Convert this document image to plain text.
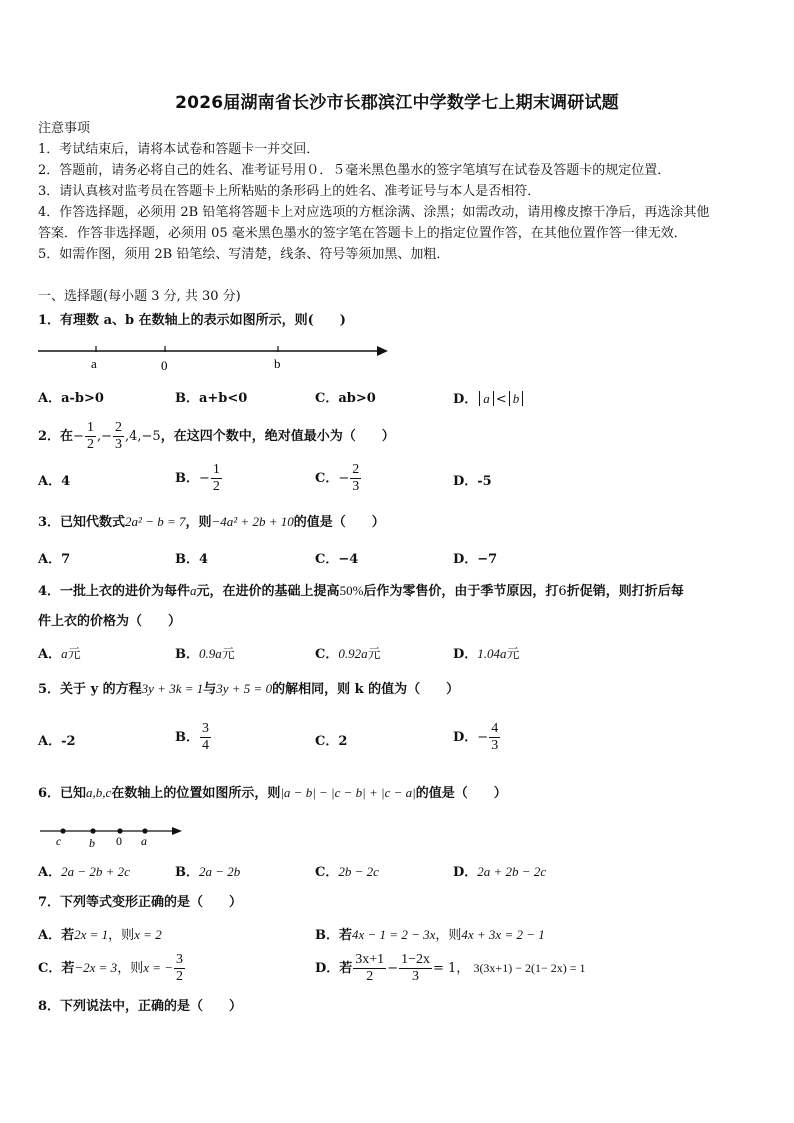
2026届湖南省长沙市长郡滨江中学数学七上期末调研试题
注意事项
1．考试结束后，请将本试卷和答题卡一并交回．
2．答题前，请务必将自己的姓名、准考证号用０．５毫米黑色墨水的签字笔填写在试卷及答题卡的规定位置．
3．请认真核对监考员在答题卡上所粘贴的条形码上的姓名、准考证号与本人是否相符．
4．作答选择题，必须用 2B 铅笔将答题卡上对应选项的方框涂满、涂黑；如需改动，请用橡皮擦干净后，再选涂其他
答案．作答非选择题，必须用 05 毫米黑色墨水的签字笔在答题卡上的指定位置作答，在其他位置作答一律无效．
5．如需作图，须用 2B 铅笔绘、写清楚，线条、符号等须加黑、加粗．
一、选择题(每小题 3 分, 共 30 分)
1．有理数 a、b 在数轴上的表示如图所示，则(　　)
a	0	b
A．a-b>0	B．a+b<0	C．ab>0	D． a < b
2．在− $\frac{1}{2}$ ,− $\frac{2}{3} ,4,-5$，在这四个数中，绝对值最小为（　　）
A．4	B．− $\frac{1}{2}$	C．− $\frac{2}{3}$	D．-5
3．已知代数式2a² − b = 7，则−4a² + 2b + 10的值是（　　）
A．7	B．4	C．−4	D．−7
4．一批上衣的进价为每件a元，在进价的基础上提高50%后作为零售价，由于季节原因，打6折促销，则打折后每
件上衣的价格为（　　）
A．a元	B．0.9a元	C．0.92a元	D．1.04a元
5．关于 y 的方程3y + 3k = 1与3y + 5 = 0的解相同，则 k 的值为（　　）
A．-2	B． $\frac{3}{4}$	C．2	D．− $\frac{4}{3}$
6．已知a,b,c在数轴上的位置如图所示，则|a − b| − |c − b| + |c − a|的值是（　　）
c b 0 a
A．2a − 2b + 2c	B．2a − 2b	C．2b − 2c	D．2a + 2b − 2c
7．下列等式变形正确的是（　　）
A．若2x = 1，则x = 2	B．若4x − 1 = 2 − 3x，则4x + 3x = 2 − 1
C．若−2x = 3，则x = − $\frac{3}{2}$	D．若 $\frac{3x+1}{2} - \frac{1-2x}{3} = 1$， 3(3x+1) − 2(1− 2x) = 1
8．下列说法中，正确的是（　　）
